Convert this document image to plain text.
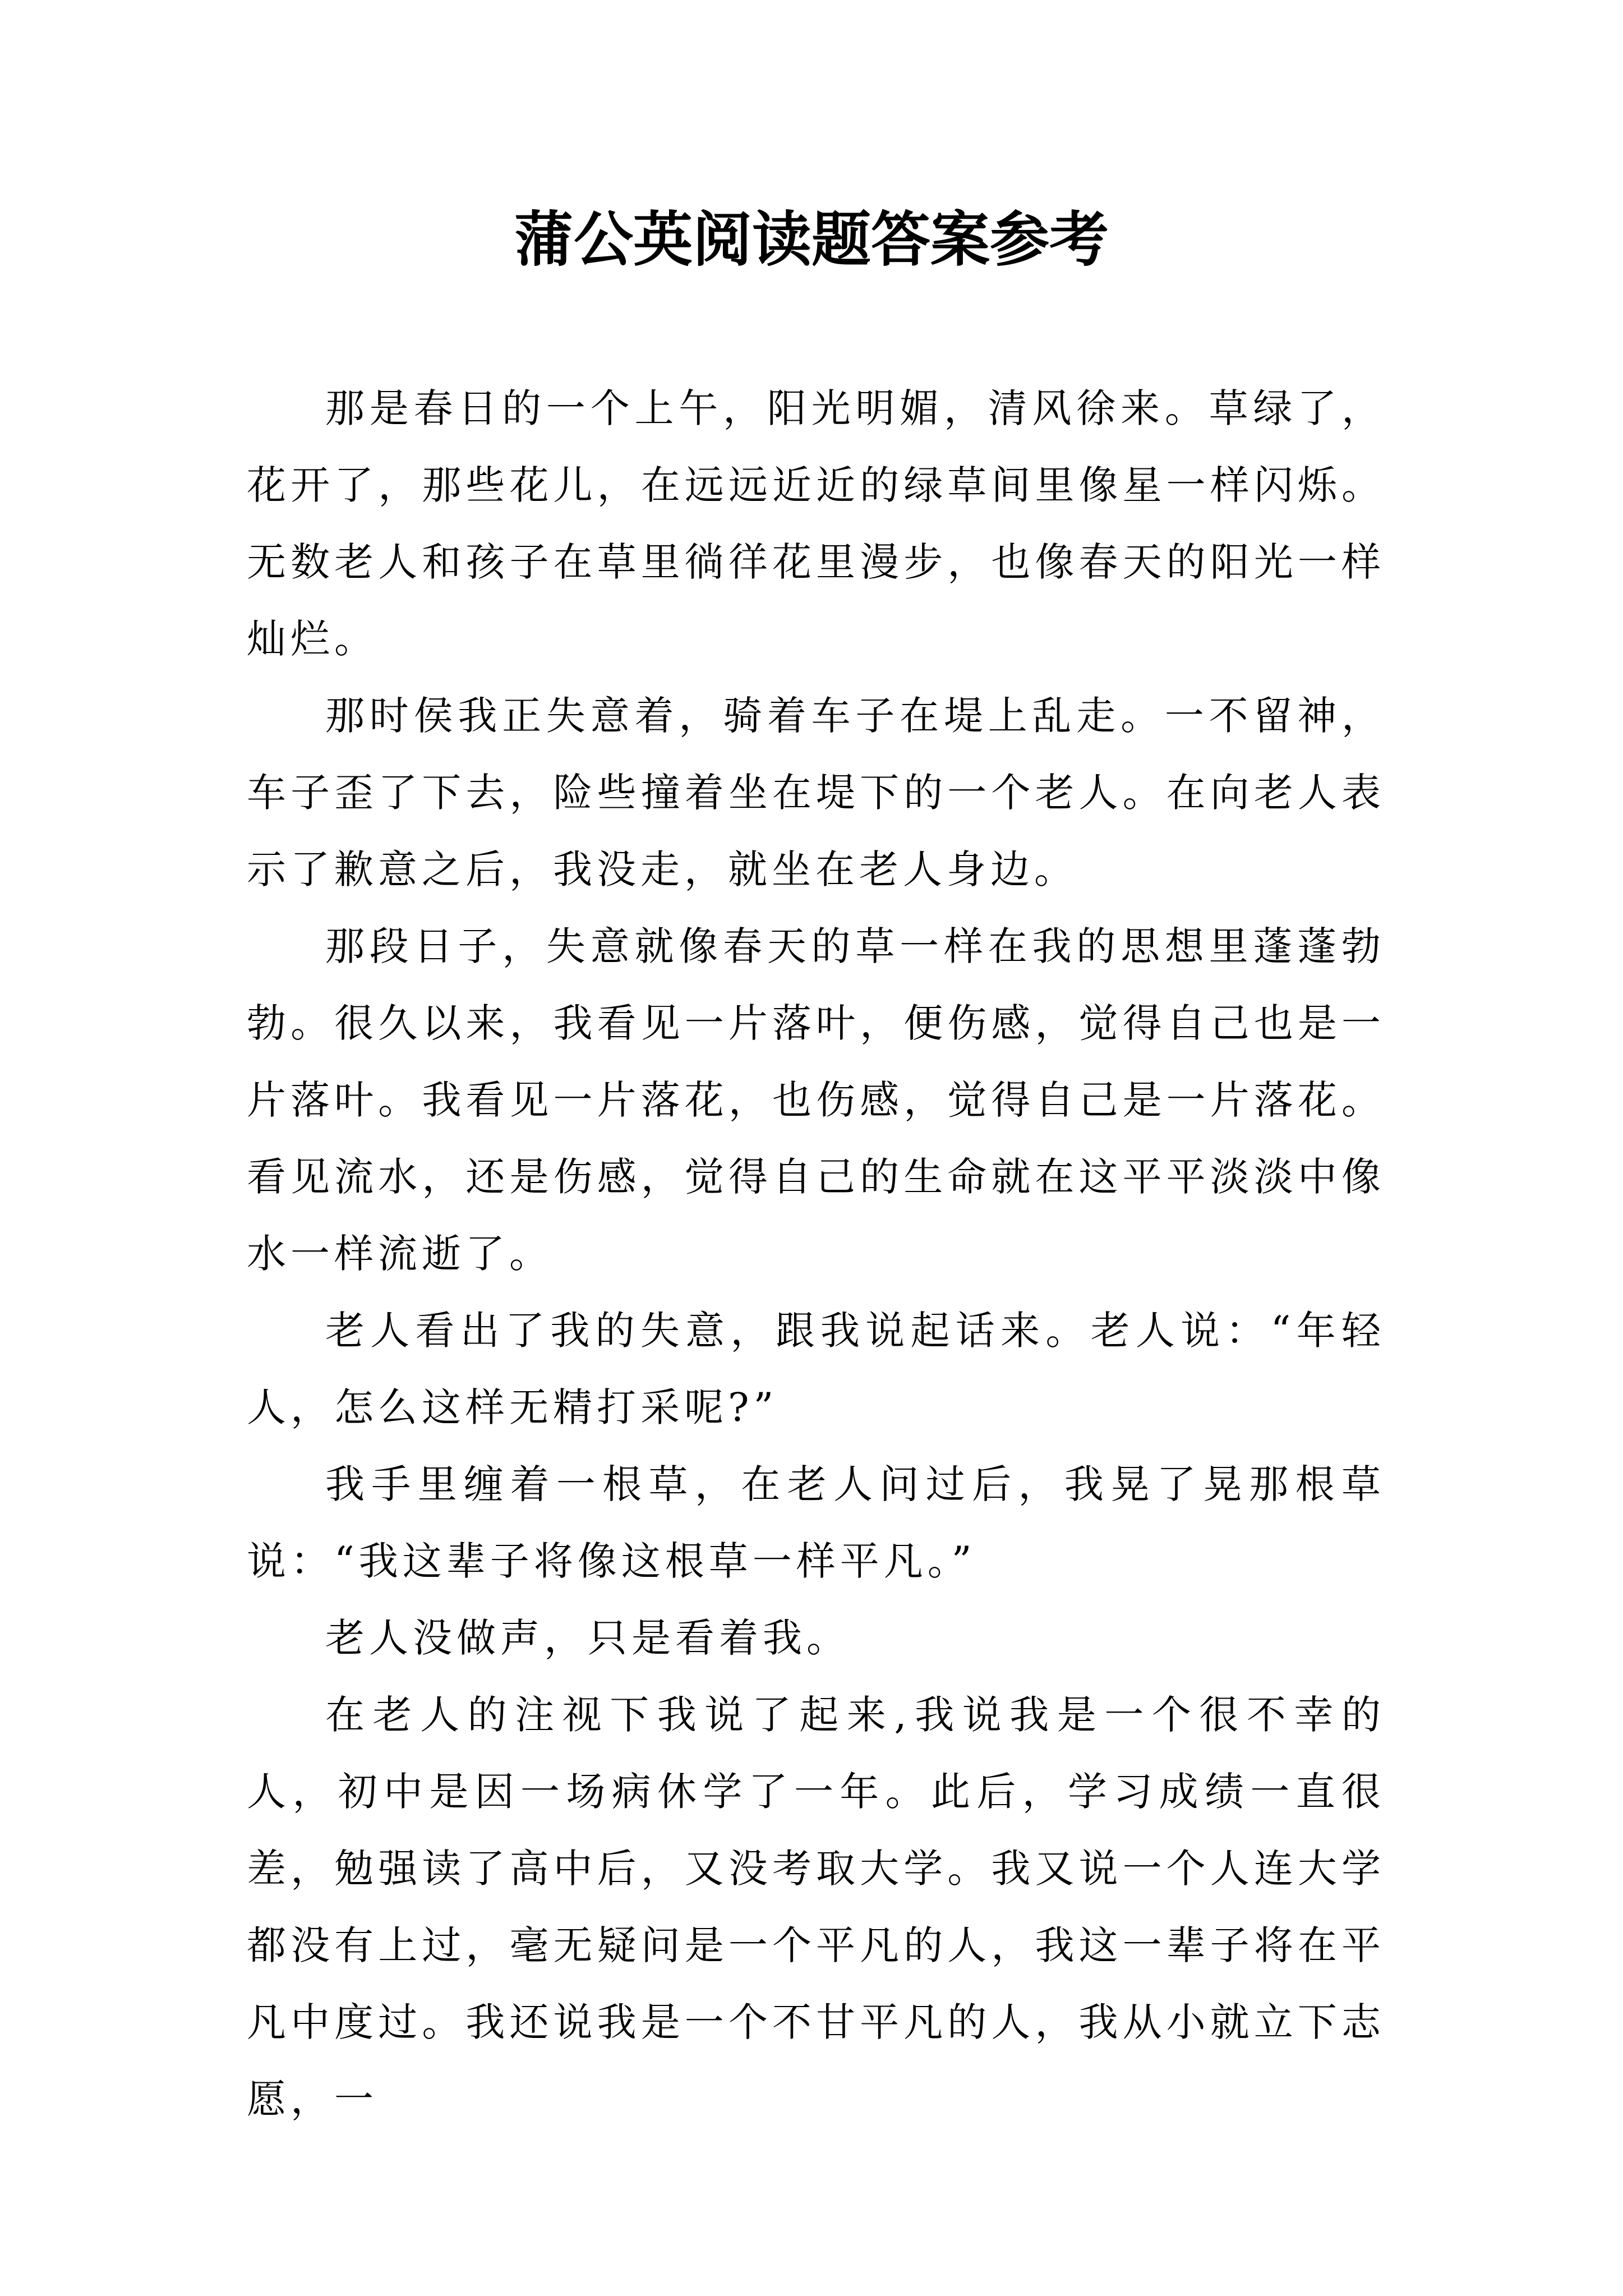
蒲公英阅读题答案参考

那是春日的一个上午，阳光明媚，清风徐来。草绿了，花开了，那些花儿，在远远近近的绿草间里像星一样闪烁。无数老人和孩子在草里徜徉花里漫步，也像春天的阳光一样灿烂。

那时侯我正失意着，骑着车子在堤上乱走。一不留神，车子歪了下去，险些撞着坐在堤下的一个老人。在向老人表示了歉意之后，我没走，就坐在老人身边。

那段日子，失意就像春天的草一样在我的思想里蓬蓬勃勃。很久以来，我看见一片落叶，便伤感，觉得自己也是一片落叶。我看见一片落花，也伤感，觉得自己是一片落花。看见流水，还是伤感，觉得自己的生命就在这平平淡淡中像水一样流逝了。

老人看出了我的失意，跟我说起话来。老人说：“年轻人，怎么这样无精打采呢?”

我手里缠着一根草，在老人问过后，我晃了晃那根草说：“我这辈子将像这根草一样平凡。”

老人没做声，只是看着我。

在老人的注视下我说了起来,我说我是一个很不幸的人，初中是因一场病休学了一年。此后，学习成绩一直很差，勉强读了高中后，又没考取大学。我又说一个人连大学都没有上过，毫无疑问是一个平凡的人，我这一辈子将在平凡中度过。我还说我是一个不甘平凡的人，我从小就立下志愿，一
